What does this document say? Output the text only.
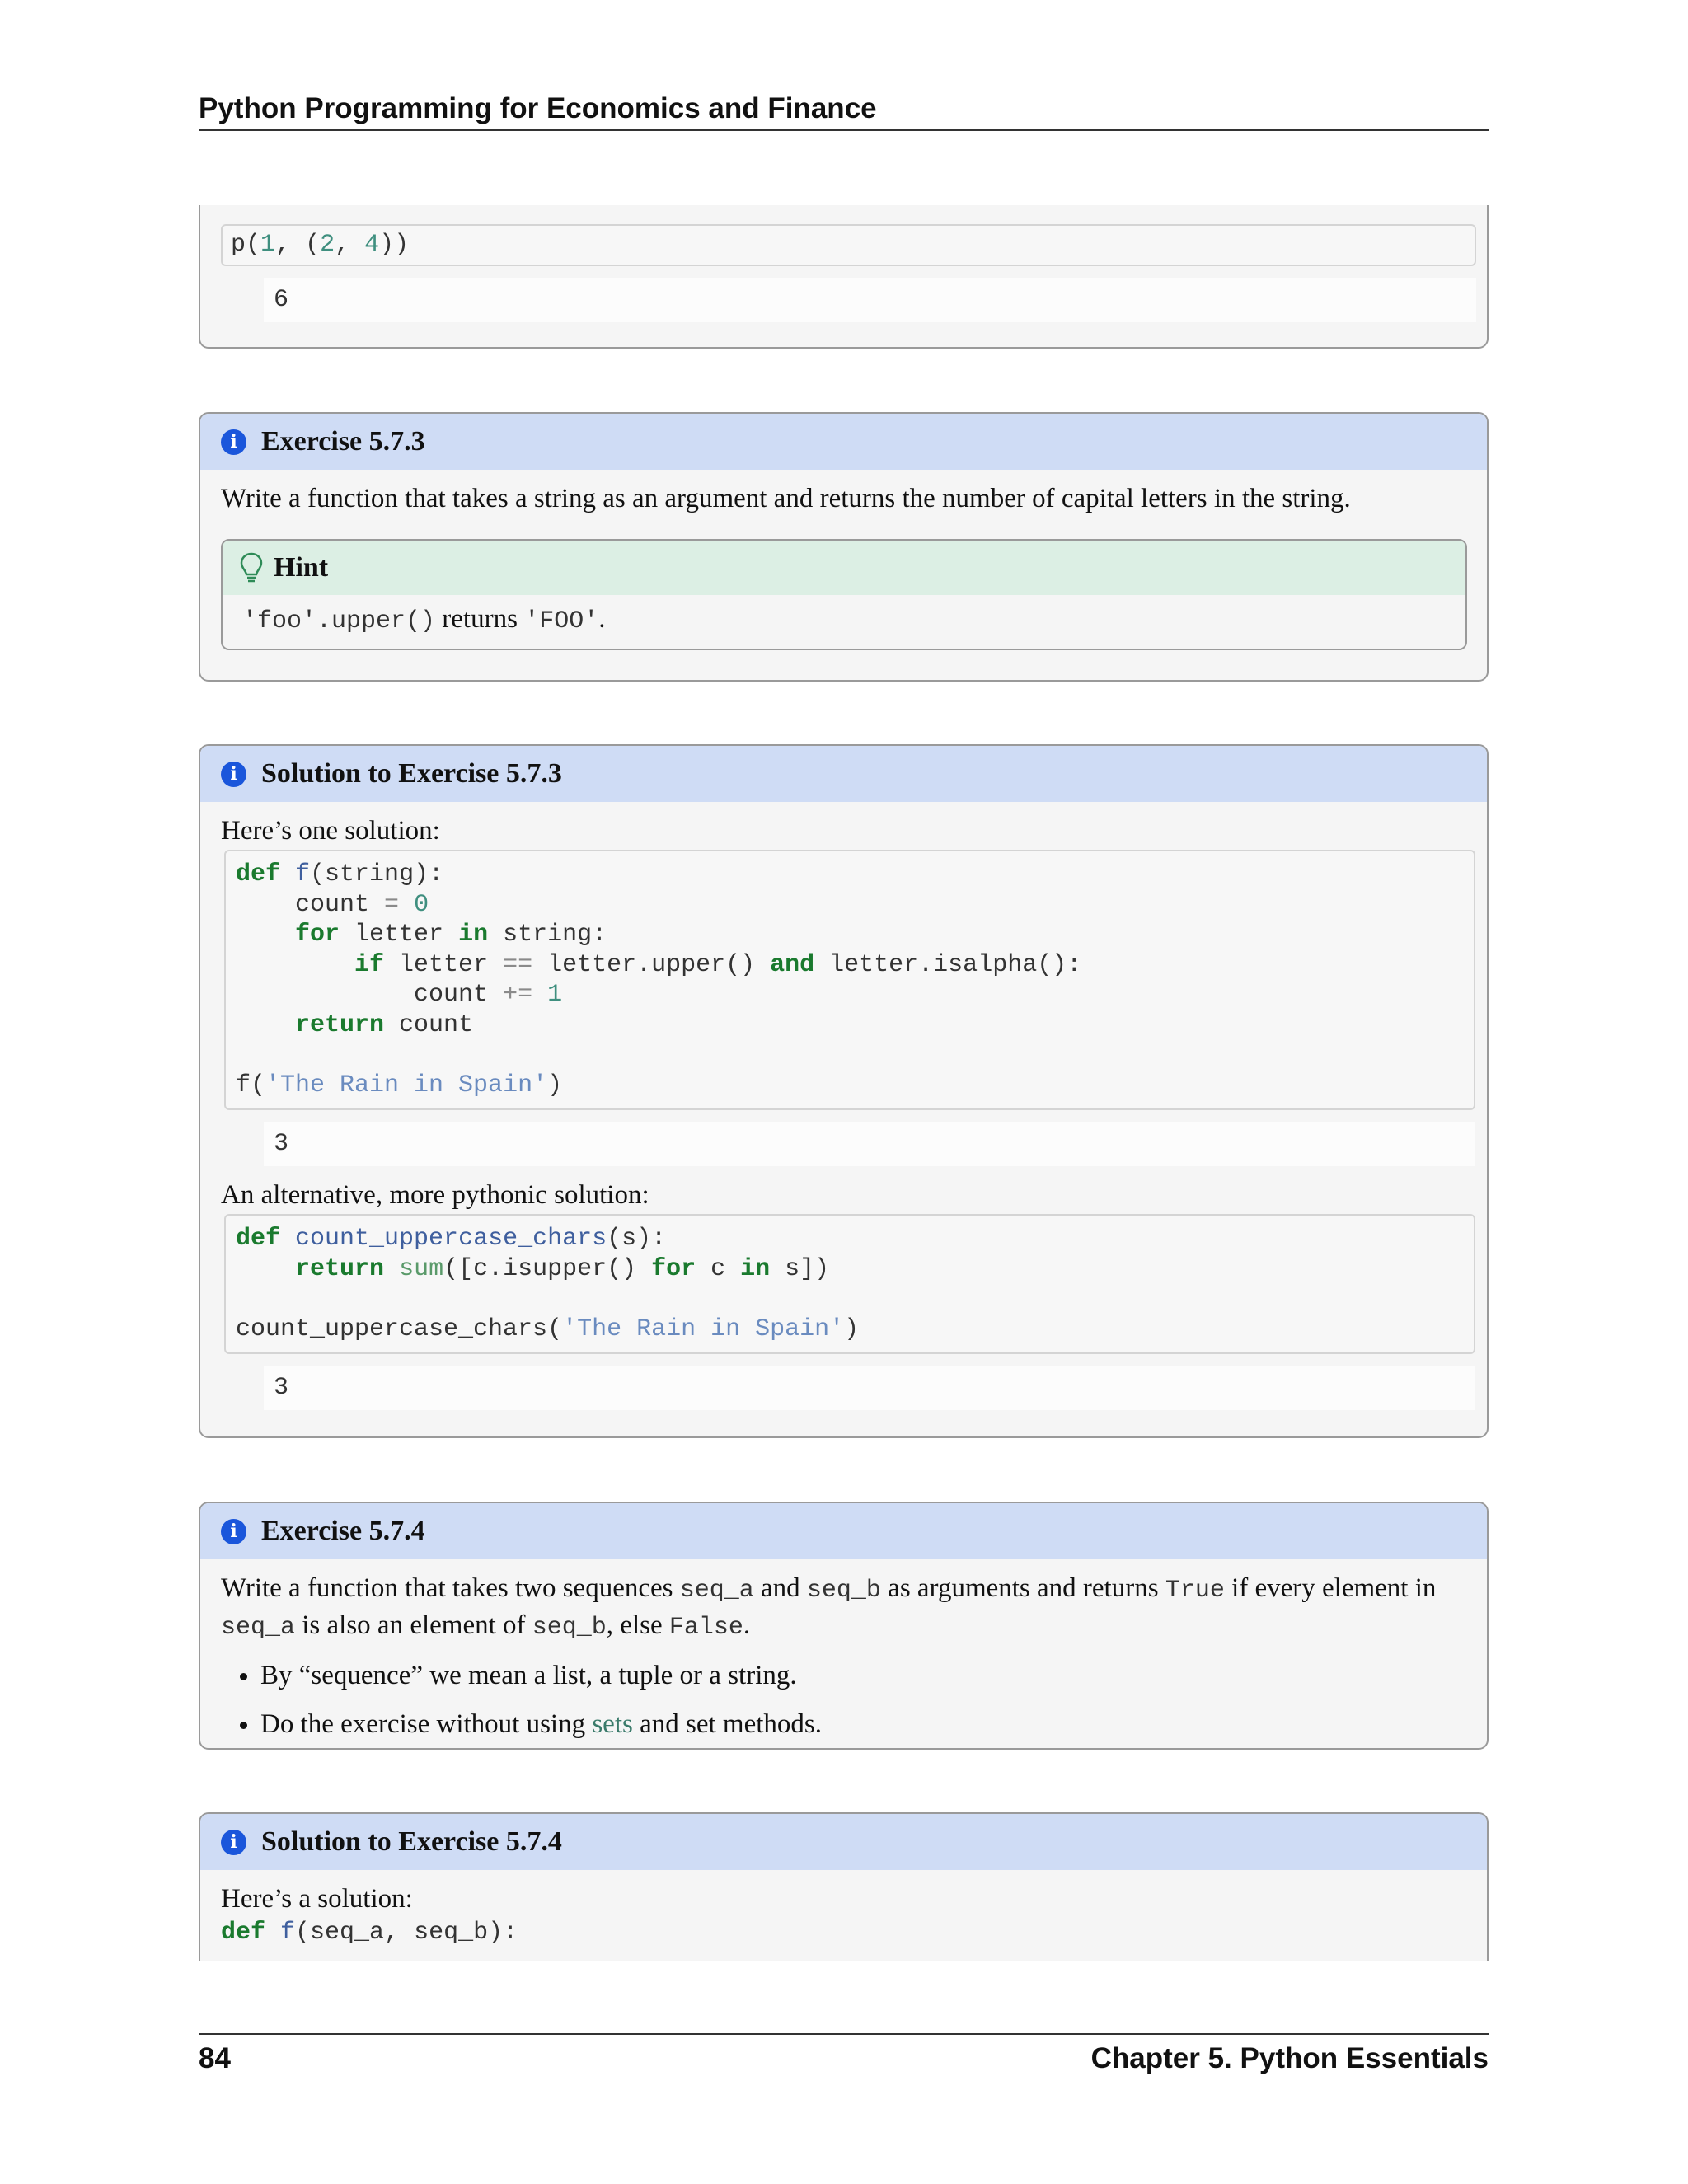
Python Programming for Economics and Finance
p(1, (2, 4))
6
i Exercise 5.7.3
Write a function that takes a string as an argument and returns the number of capital letters in the string.
Hint
'foo'.upper() returns 'FOO'.
i Solution to Exercise 5.7.3
Here’s one solution:
def f(string):
count = 0
for letter in string:
if letter == letter.upper() and letter.isalpha():
count += 1
return count

f('The Rain in Spain')
3
An alternative, more pythonic solution:
def count_uppercase_chars(s):
return sum([c.isupper() for c in s])

count_uppercase_chars('The Rain in Spain')
3
i Exercise 5.7.4
Write a function that takes two sequences seq_a and seq_b as arguments and returns True if every element in seq_a is also an element of seq_b, else False.
• By “sequence” we mean a list, a tuple or a string.
• Do the exercise without using sets and set methods.
i Solution to Exercise 5.7.4
Here’s a solution:
def f(seq_a, seq_b):
84	Chapter 5. Python Essentials
